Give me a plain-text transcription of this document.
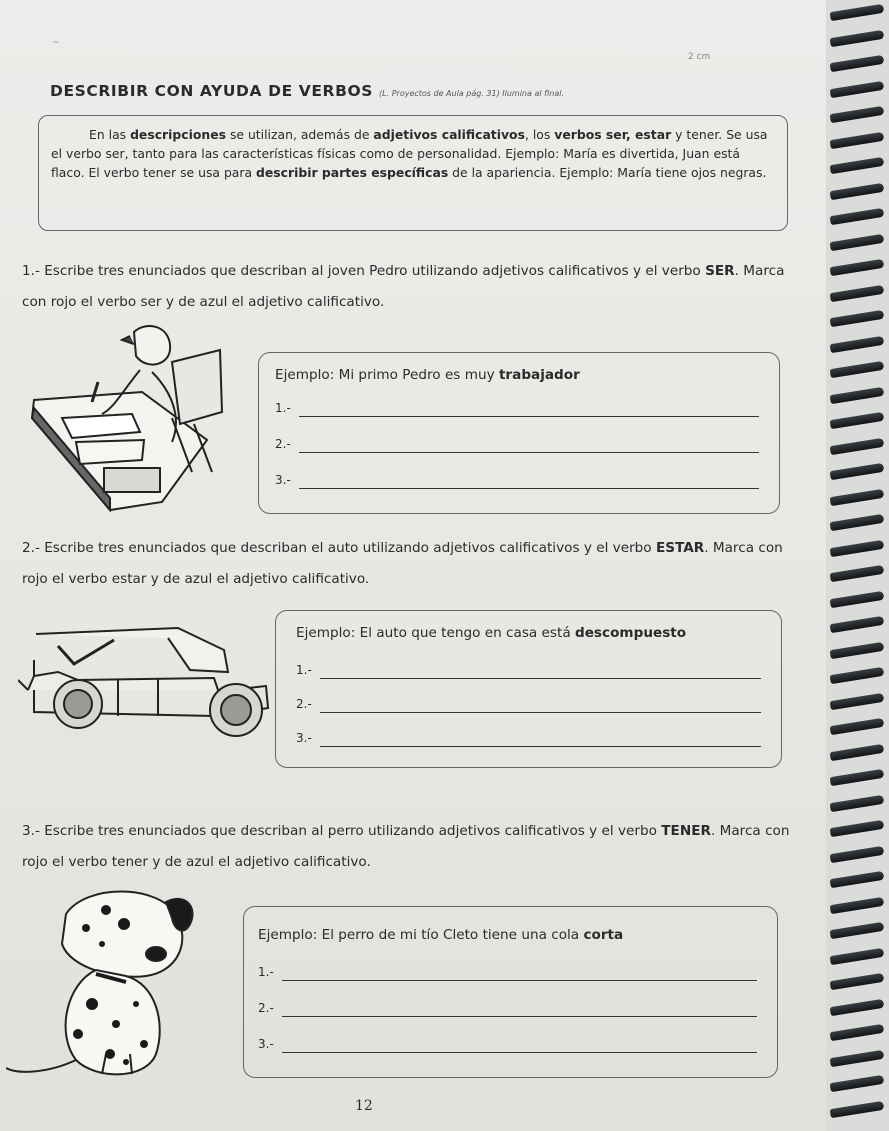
~
2 cm
DESCRIBIR CON AYUDA DE VERBOS (L. Proyectos de Aula pág. 31) Ilumina al final.
En las descripciones se utilizan, además de adjetivos calificativos, los verbos ser, estar y tener. Se usa el verbo ser, tanto para las características físicas como de personalidad. Ejemplo: María es divertida, Juan está flaco. El verbo tener se usa para describir partes específicas de la apariencia. Ejemplo: María tiene ojos negras.
1.- Escribe tres enunciados que describan al joven Pedro utilizando adjetivos calificativos y el verbo SER. Marca con rojo el verbo ser y de azul el adjetivo calificativo.
Ejemplo: Mi primo Pedro es muy trabajador
1.-
2.-
3.-
2.- Escribe tres enunciados que describan el auto utilizando adjetivos calificativos y el verbo ESTAR. Marca con rojo el verbo estar y de azul el adjetivo calificativo.
Ejemplo: El auto que tengo en casa está descompuesto
1.-
2.-
3.-
3.- Escribe tres enunciados que describan al perro utilizando adjetivos calificativos y el verbo TENER. Marca con rojo el verbo tener y de azul el adjetivo calificativo.
Ejemplo: El perro de mi tío Cleto tiene una cola corta
1.-
2.-
3.-
12
